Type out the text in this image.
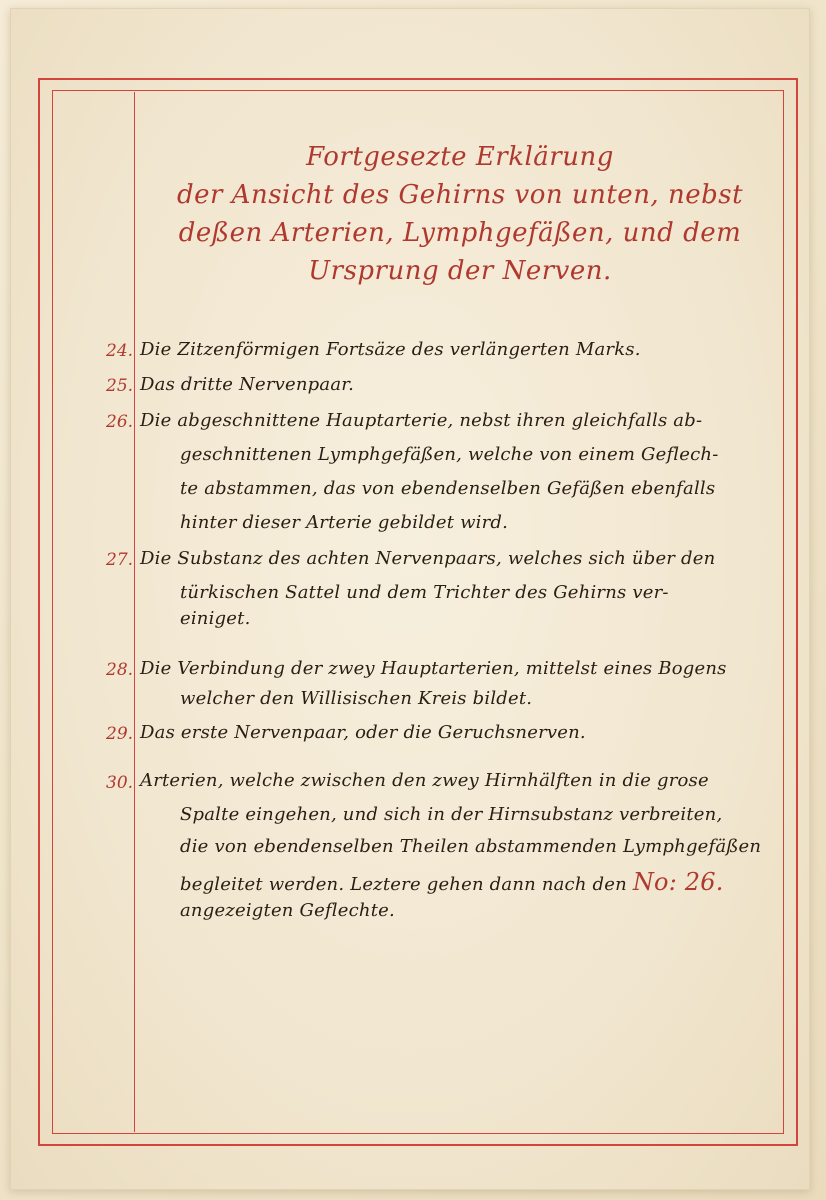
Fortgesezte Erklärung
der Ansicht des Gehirns von unten, nebst
deßen Arterien, Lymphgefäßen, und dem
Ursprung der Nerven.
24. Die Zitzenförmigen Fortsäze des verlängerten Marks.
25. Das dritte Nervenpaar.
26. Die abgeschnittene Hauptarterie, nebst ihren gleichfalls ab-
geschnittenen Lymphgefäßen, welche von einem Geflech-
te abstammen, das von ebendenselben Gefäßen ebenfalls
hinter dieser Arterie gebildet wird.
27. Die Substanz des achten Nervenpaars, welches sich über den
türkischen Sattel und dem Trichter des Gehirns ver-
einiget.
28. Die Verbindung der zwey Hauptarterien, mittelst eines Bogens
welcher den Willisischen Kreis bildet.
29. Das erste Nervenpaar, oder die Geruchsnerven.
30. Arterien, welche zwischen den zwey Hirnhälften in die grose
Spalte eingehen, und sich in der Hirnsubstanz verbreiten,
die von ebendenselben Theilen abstammenden Lymphgefäßen
begleitet werden. Leztere gehen dann nach den No: 26.
angezeigten Geflechte.
